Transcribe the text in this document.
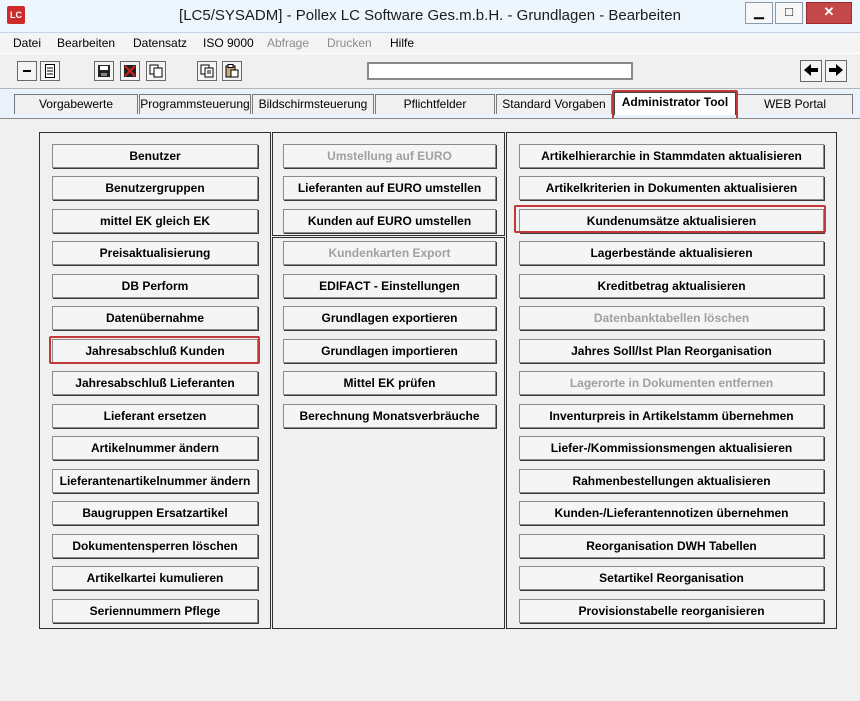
LC	[LC5/SYSADM] - Pollex LC Software Ges.m.b.H. - Grundlagen - Bearbeiten	▁	□	✕
Datei Bearbeiten Datensatz ISO 9000 Abfrage Drucken Hilfe
Vorgabewerte	Programmsteuerung Bildschirmsteuerung	Pflichtfelder	Standard Vorgaben	Administrator Tool	WEB Portal
Benutzer
Benutzergruppen
mittel EK gleich EK
Preisaktualisierung
DB Perform
Datenübernahme
Jahresabschluß Kunden
Jahresabschluß Lieferanten
Lieferant ersetzen
Artikelnummer ändern
Lieferantenartikelnummer ändern
Baugruppen Ersatzartikel
Dokumentensperren löschen
Artikelkartei kumulieren
Seriennummern Pflege
Umstellung auf EURO
Lieferanten auf EURO umstellen
Kunden auf EURO umstellen
Kundenkarten Export
EDIFACT - Einstellungen
Grundlagen exportieren
Grundlagen importieren
Mittel EK prüfen
Berechnung Monatsverbräuche
Artikelhierarchie in Stammdaten aktualisieren
Artikelkriterien in Dokumenten aktualisieren
Kundenumsätze aktualisieren
Lagerbestände aktualisieren
Kreditbetrag aktualisieren
Datenbanktabellen löschen
Jahres Soll/Ist Plan Reorganisation
Lagerorte in Dokumenten entfernen
Inventurpreis in Artikelstamm übernehmen
Liefer-/Kommissionsmengen aktualisieren
Rahmenbestellungen aktualisieren
Kunden-/Lieferantennotizen übernehmen
Reorganisation DWH Tabellen
Setartikel Reorganisation
Provisionstabelle reorganisieren
